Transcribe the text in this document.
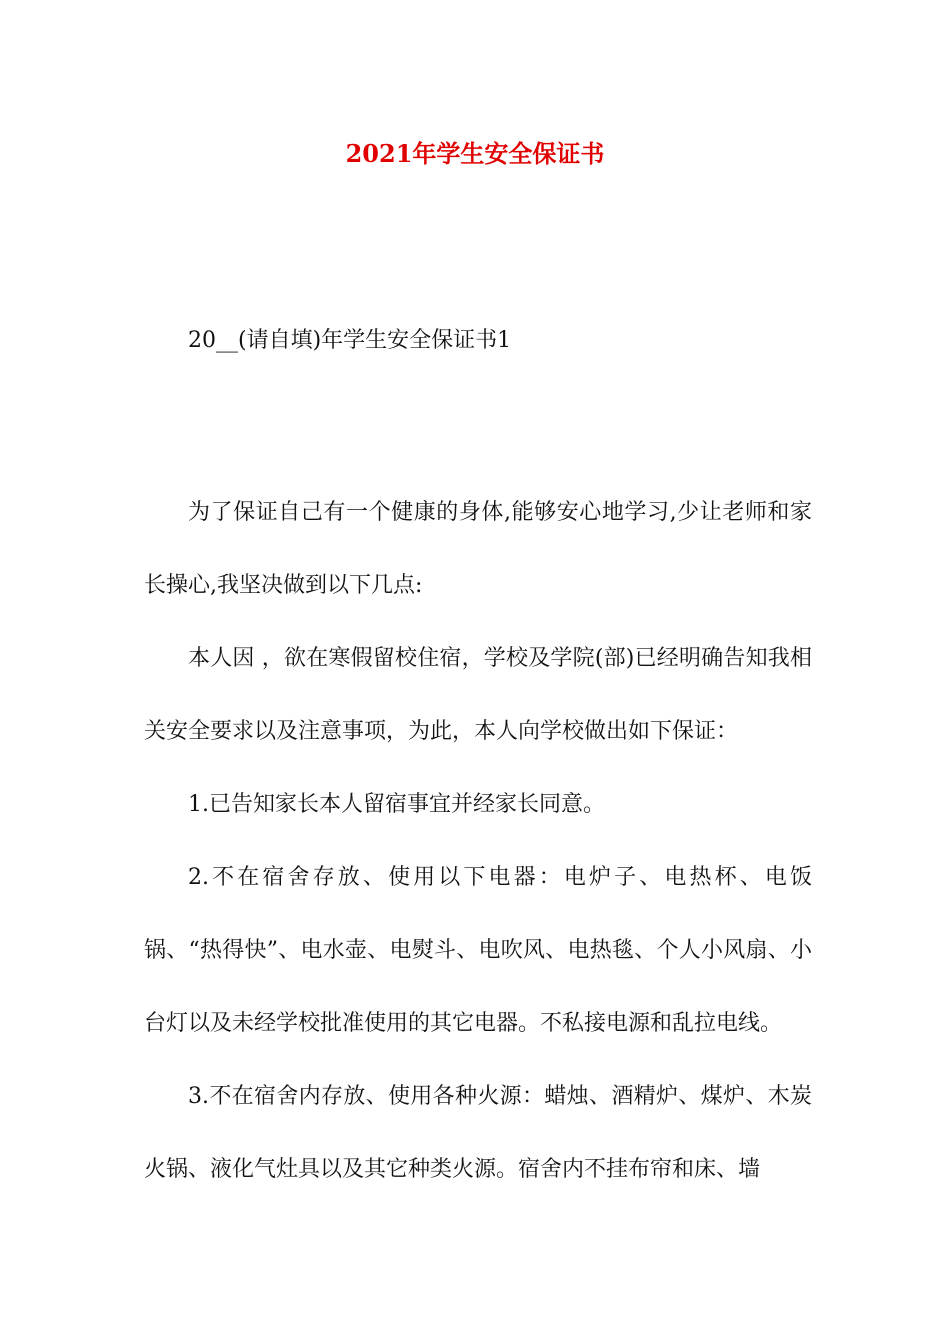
2021年学生安全保证书
20__(请自填)年学生安全保证书1

为了保证自己有一个健康的身体,能够安心地学习,少让老师和家长操心,我坚决做到以下几点:

本人因 ，欲在寒假留校住宿，学校及学院(部)已经明确告知我相关安全要求以及注意事项，为此，本人向学校做出如下保证：

1.已告知家长本人留宿事宜并经家长同意。

2.不在宿舍存放、使用以下电器：电炉子、电热杯、电饭锅、“热得快”、电水壶、电熨斗、电吹风、电热毯、个人小风扇、小台灯以及未经学校批准使用的其它电器。不私接电源和乱拉电线。

3.不在宿舍内存放、使用各种火源：蜡烛、酒精炉、煤炉、木炭火锅、液化气灶具以及其它种类火源。宿舍内不挂布帘和床、墙
